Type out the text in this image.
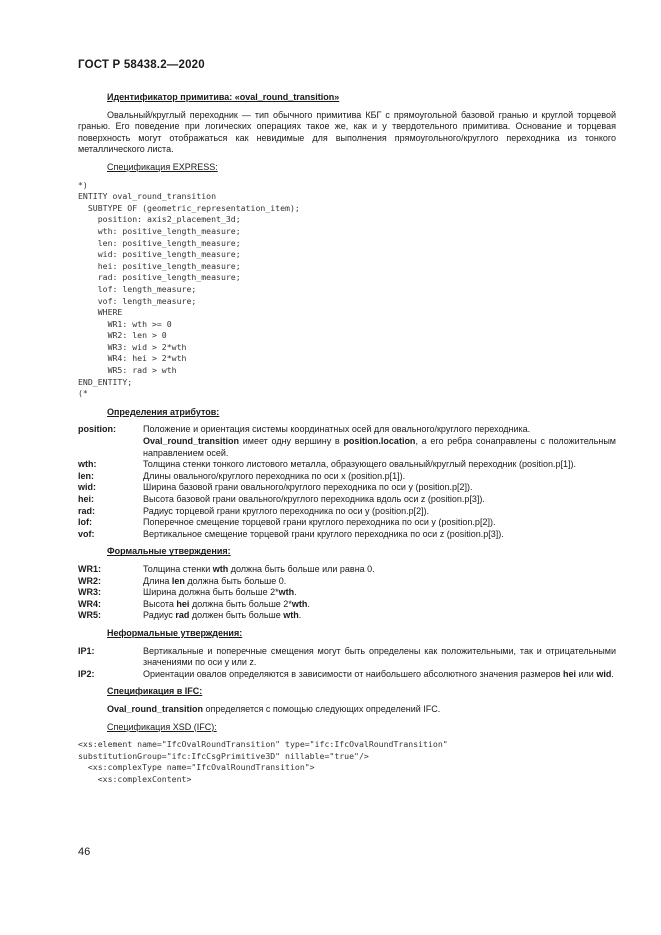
ГОСТ Р 58438.2—2020
Идентификатор примитива: «oval_round_transition»

Овальный/круглый переходник — тип обычного примитива КБГ с прямоугольной базовой гранью и круглой торцевой гранью. Его поведение при логических операциях такое же, как и у твердотельного примитива. Основание и торцевая поверхность могут отображаться как невидимые для выполнения прямоугольного/круглого переходника из тонкого металлического листа.

Спецификация EXPRESS:
*)
ENTITY oval_round_transition
SUBTYPE OF (geometric_representation_item);
position: axis2_placement_3d;
wth: positive_length_measure;
len: positive_length_measure;
wid: positive_length_measure;
hei: positive_length_measure;
rad: positive_length_measure;
lof: length_measure;
vof: length_measure;
WHERE
WR1: wth >= 0
WR2: len > 0
WR3: wid > 2*wth
WR4: hei > 2*wth
WR5: rad > wth
END_ENTITY;
(*
Определения атрибутов:
position:	Положение и ориентация системы координатных осей для овального/круглого переходника.
Oval_round_transition имеет одну вершину в position.location, а его ребра сонаправлены с положительным направлением осей.
wth:	Толщина стенки тонкого листового металла, образующего овальный/круглый переходник (position.p[1]).
len:	Длины овального/круглого переходника по оси x (position.p[1]).
wid:	Ширина базовой грани овального/круглого переходника по оси y (position.p[2]).
hei:	Высота базовой грани овального/круглого переходника вдоль оси z (position.p[3]).
rad:	Радиус торцевой грани круглого переходника по оси y (position.p[2]).
lof:	Поперечное смещение торцевой грани круглого переходника по оси y (position.p[2]).
vof:	Вертикальное смещение торцевой грани круглого переходника по оси z (position.p[3]).
Формальные утверждения:
WR1:	Толщина стенки wth должна быть больше или равна 0.
WR2:	Длина len должна быть больше 0.
WR3:	Ширина должна быть больше 2*wth.
WR4:	Высота hei должна быть больше 2*wth.
WR5:	Радиус rad должен быть больше wth.
Неформальные утверждения:
IP1:	Вертикальные и поперечные смещения могут быть определены как положительными, так и отрицательными значениями по оси y или z.
IP2:	Ориентации овалов определяются в зависимости от наибольшего абсолютного значения размеров hei или wid.
Спецификация в IFC:
Oval_round_transition определяется с помощью следующих определений IFC.
Спецификация XSD (IFC):
<xs:element name="IfcOvalRoundTransition" type="ifc:IfcOvalRoundTransition"
substitutionGroup="ifc:IfcCsgPrimitive3D" nillable="true"/>
<xs:complexType name="IfcOvalRoundTransition">
<xs:complexContent>
46
